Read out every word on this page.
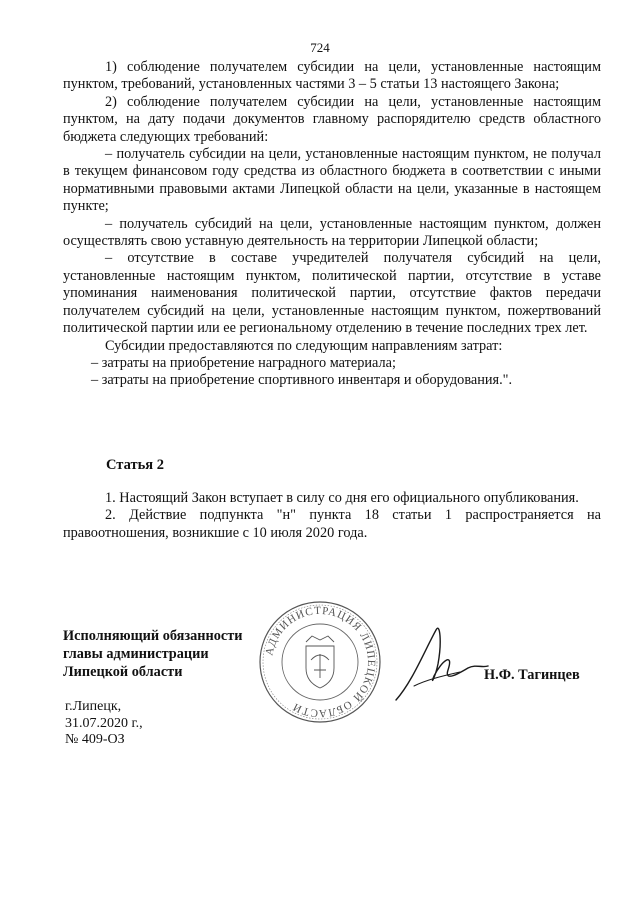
724

1) соблюдение получателем субсидии на цели, установленные настоящим пунктом, требований, установленных частями 3 – 5 статьи 13 настоящего Закона;

2) соблюдение получателем субсидии на цели, установленные настоящим пунктом, на дату подачи документов главному распорядителю средств областного бюджета следующих требований:

– получатель субсидии на цели, установленные настоящим пунктом, не получал в текущем финансовом году средства из областного бюджета в соответствии с иными нормативными правовыми актами Липецкой области на цели, указанные в настоящем пункте;

– получатель субсидий на цели, установленные настоящим пунктом, должен осуществлять свою уставную деятельность на территории Липецкой области;

– отсутствие в составе учредителей получателя субсидий на цели, установленные настоящим пунктом, политической партии, отсутствие в уставе упоминания наименования политической партии, отсутствие фактов передачи получателем субсидий на цели, установленные настоящим пунктом, пожертвований политической партии или ее региональному отделению в течение последних трех лет.

Субсидии предоставляются по следующим направлениям затрат:

– затраты на приобретение наградного материала;

– затраты на приобретение спортивного инвентаря и оборудования.".

Статья 2

1. Настоящий Закон вступает в силу со дня его официального опубликования.

2. Действие подпункта "н" пункта 18 статьи 1 распространяется на правоотношения, возникшие с 10 июля 2020 года.

Исполняющий обязанности
главы администрации
Липецкой области
АДМИНИСТРАЦИЯ ЛИПЕЦКОЙ ОБЛАСТИ
Н.Ф. Тагинцев
г.Липецк,
31.07.2020 г.,
№ 409-ОЗ
